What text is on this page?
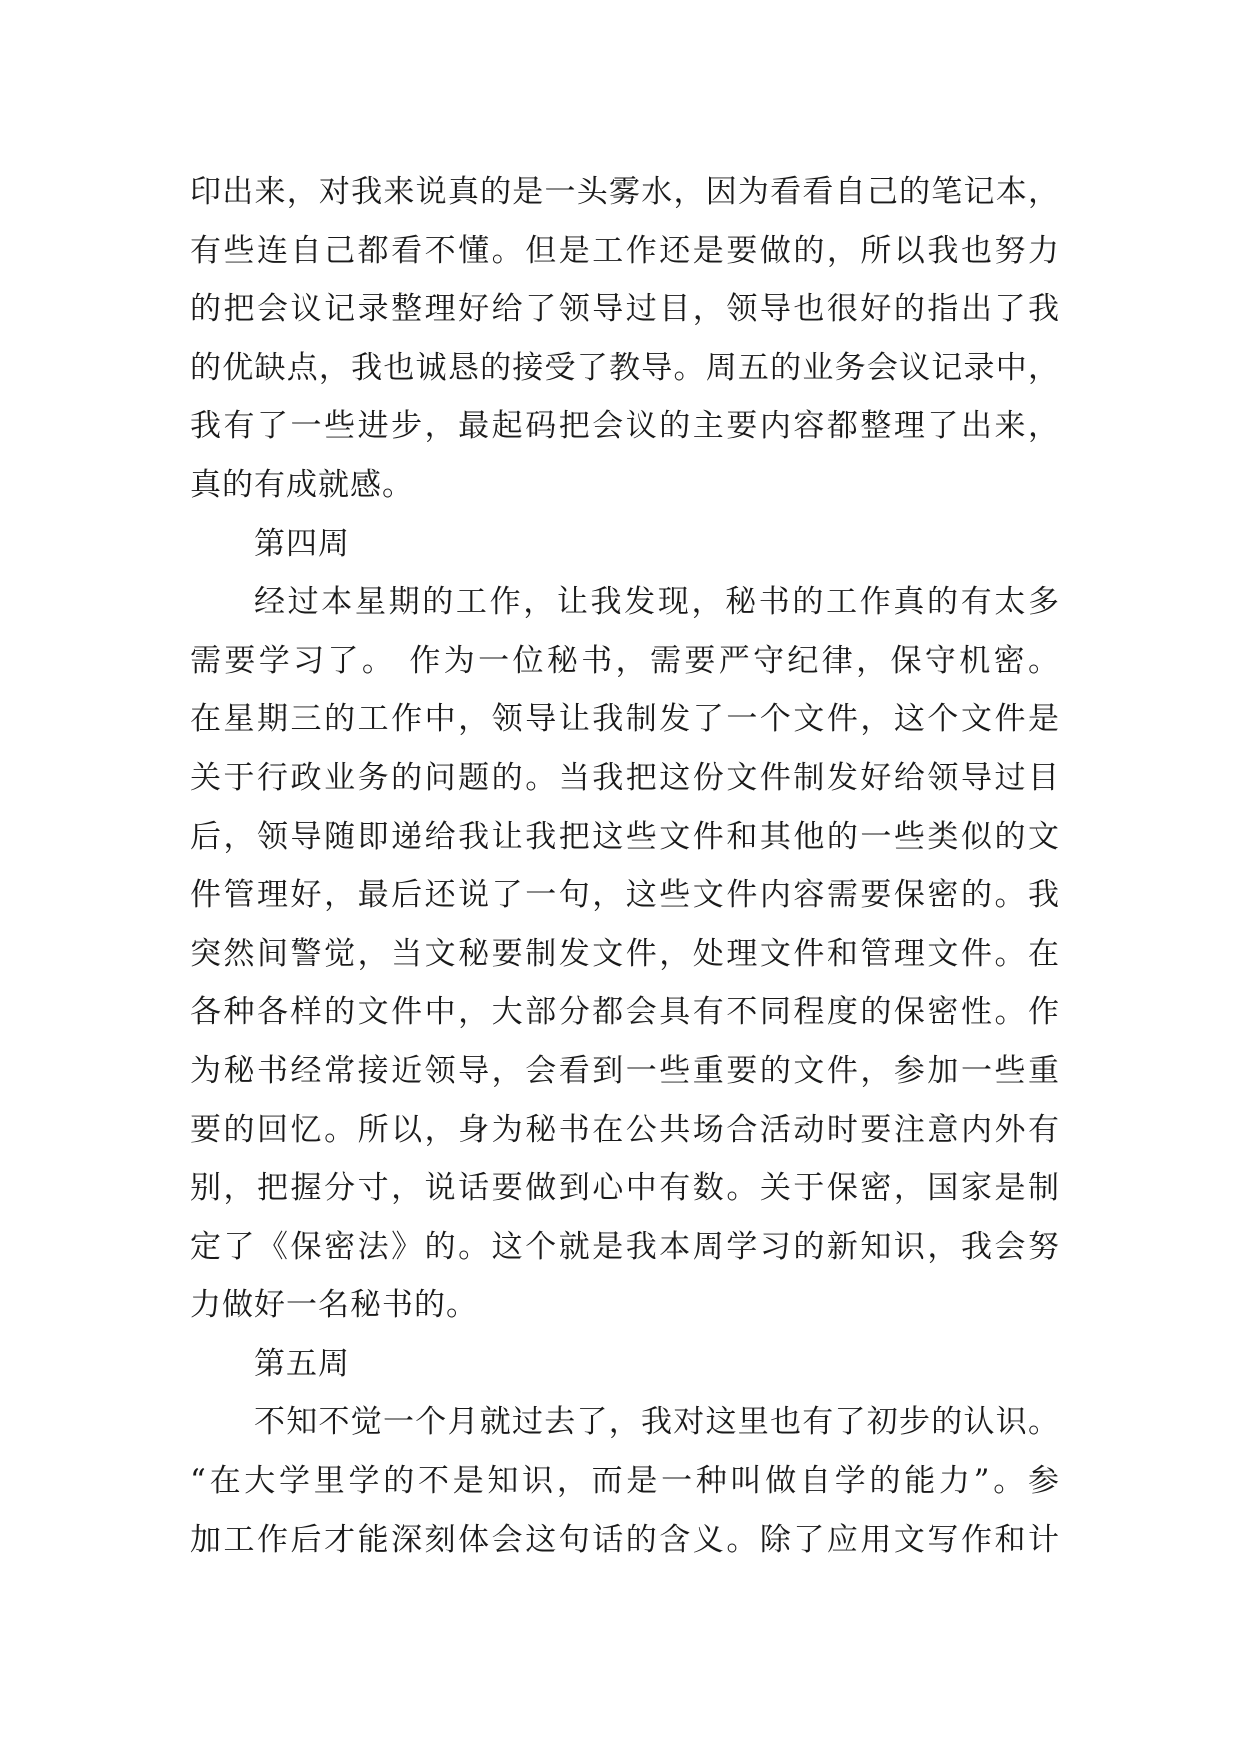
印出来，对我来说真的是一头雾水，因为看看自己的笔记本，
有些连自己都看不懂。但是工作还是要做的，所以我也努力
的把会议记录整理好给了领导过目，领导也很好的指出了我
的优缺点，我也诚恳的接受了教导。周五的业务会议记录中，
我有了一些进步，最起码把会议的主要内容都整理了出来，
真的有成就感。
第四周
经过本星期的工作，让我发现，秘书的工作真的有太多
需要学习了。 作为一位秘书，需要严守纪律，保守机密。
在星期三的工作中，领导让我制发了一个文件，这个文件是
关于行政业务的问题的。当我把这份文件制发好给领导过目
后，领导随即递给我让我把这些文件和其他的一些类似的文
件管理好，最后还说了一句，这些文件内容需要保密的。我
突然间警觉，当文秘要制发文件，处理文件和管理文件。在
各种各样的文件中，大部分都会具有不同程度的保密性。作
为秘书经常接近领导，会看到一些重要的文件，参加一些重
要的回忆。所以，身为秘书在公共场合活动时要注意内外有
别，把握分寸，说话要做到心中有数。关于保密，国家是制
定了《保密法》的。这个就是我本周学习的新知识，我会努
力做好一名秘书的。
第五周
不知不觉一个月就过去了，我对这里也有了初步的认识。
“在大学里学的不是知识，而是一种叫做自学的能力”。参
加工作后才能深刻体会这句话的含义。除了应用文写作和计
